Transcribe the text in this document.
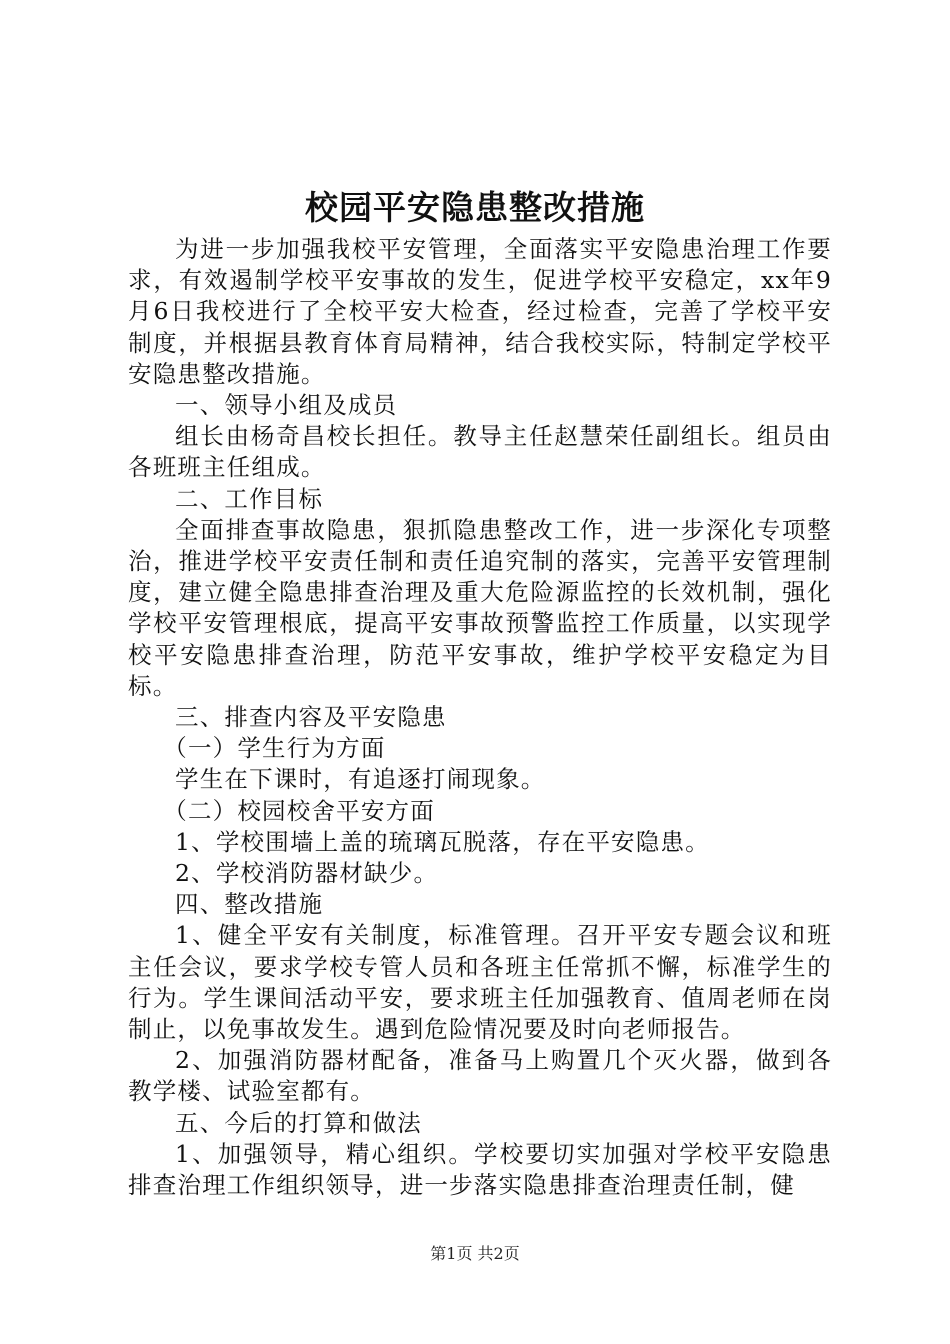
校园平安隐患整改措施

为进一步加强我校平安管理，全面落实平安隐患治理工作要求，有效遏制学校平安事故的发生，促进学校平安稳定，xx年9月6日我校进行了全校平安大检查，经过检查，完善了学校平安制度，并根据县教育体育局精神，结合我校实际，特制定学校平安隐患整改措施。

一、领导小组及成员

组长由杨奇昌校长担任。教导主任赵慧荣任副组长。组员由各班班主任组成。

二、工作目标

全面排查事故隐患，狠抓隐患整改工作，进一步深化专项整治，推进学校平安责任制和责任追究制的落实，完善平安管理制度，建立健全隐患排查治理及重大危险源监控的长效机制，强化学校平安管理根底，提高平安事故预警监控工作质量，以实现学校平安隐患排查治理，防范平安事故，维护学校平安稳定为目标。

三、排查内容及平安隐患

（一）学生行为方面

学生在下课时，有追逐打闹现象。

（二）校园校舍平安方面

1、学校围墙上盖的琉璃瓦脱落，存在平安隐患。

2、学校消防器材缺少。

四、整改措施

1、健全平安有关制度，标准管理。召开平安专题会议和班主任会议，要求学校专管人员和各班主任常抓不懈，标准学生的行为。学生课间活动平安，要求班主任加强教育、值周老师在岗制止，以免事故发生。遇到危险情况要及时向老师报告。

2、加强消防器材配备，准备马上购置几个灭火器，做到各教学楼、试验室都有。

五、今后的打算和做法

1、加强领导，精心组织。学校要切实加强对学校平安隐患排查治理工作组织领导，进一步落实隐患排查治理责任制，健

第1页 共2页
